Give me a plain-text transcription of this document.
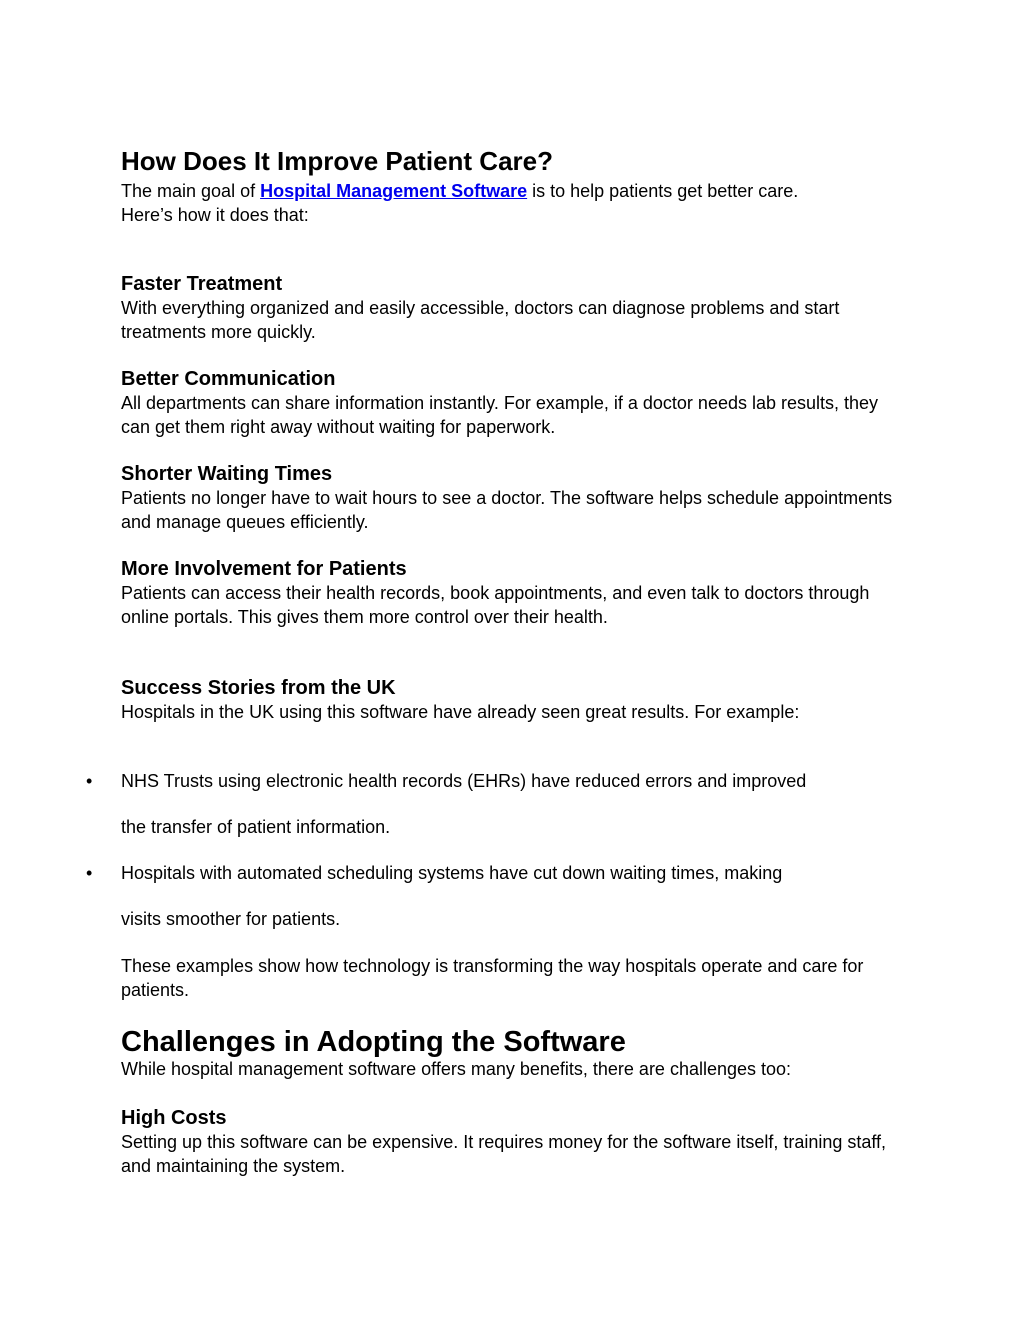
How Does It Improve Patient Care?

The main goal of Hospital Management Software is to help patients get better care.

Here’s how it does that:

Faster Treatment

With everything organized and easily accessible, doctors can diagnose problems and start treatments more quickly.

Better Communication

All departments can share information instantly. For example, if a doctor needs lab results, they can get them right away without waiting for paperwork.

Shorter Waiting Times

Patients no longer have to wait hours to see a doctor. The software helps schedule appointments and manage queues efficiently.

More Involvement for Patients

Patients can access their health records, book appointments, and even talk to doctors through online portals. This gives them more control over their health.

Success Stories from the UK

Hospitals in the UK using this software have already seen great results. For example:

• NHS Trusts using electronic health records (EHRs) have reduced errors and improved

the transfer of patient information.

• Hospitals with automated scheduling systems have cut down waiting times, making

visits smoother for patients.

These examples show how technology is transforming the way hospitals operate and care for patients.

Challenges in Adopting the Software

While hospital management software offers many benefits, there are challenges too:

High Costs

Setting up this software can be expensive. It requires money for the software itself, training staff, and maintaining the system.
